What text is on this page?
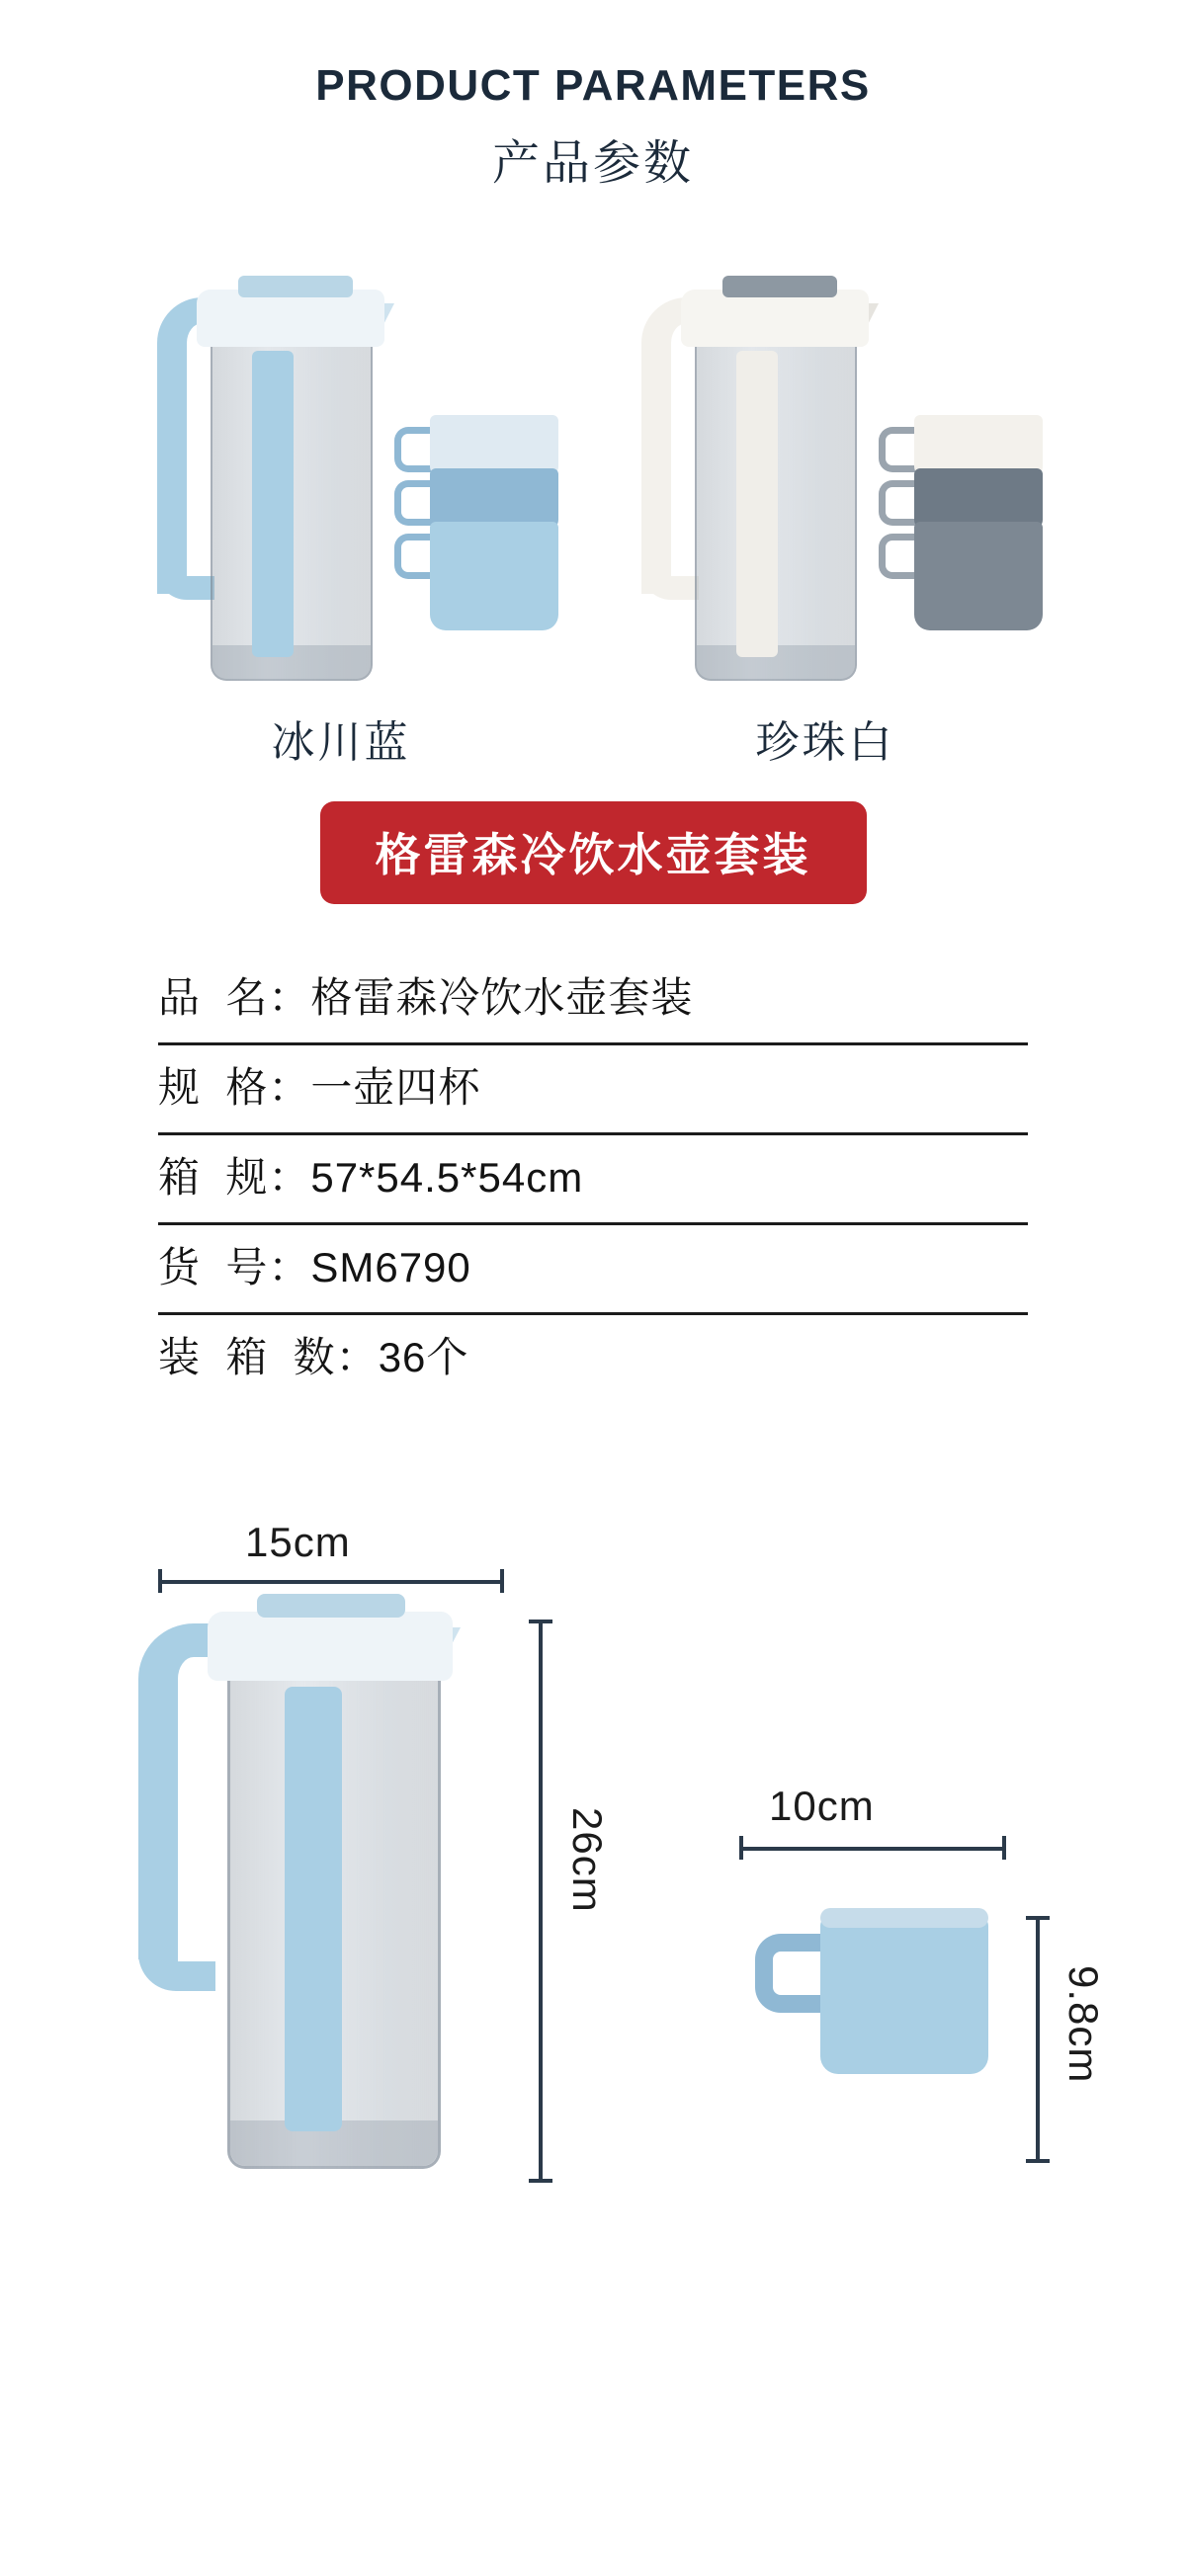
PRODUCT PARAMETERS
产品参数
冰川蓝	珍珠白
格雷森冷饮水壶套装
品  名： 格雷森冷饮水壶套装
规  格： 一壶四杯
箱  规： 57*54.5*54cm
货  号： SM6790
装  箱  数： 36个
15cm
26cm
10cm
9.8cm
